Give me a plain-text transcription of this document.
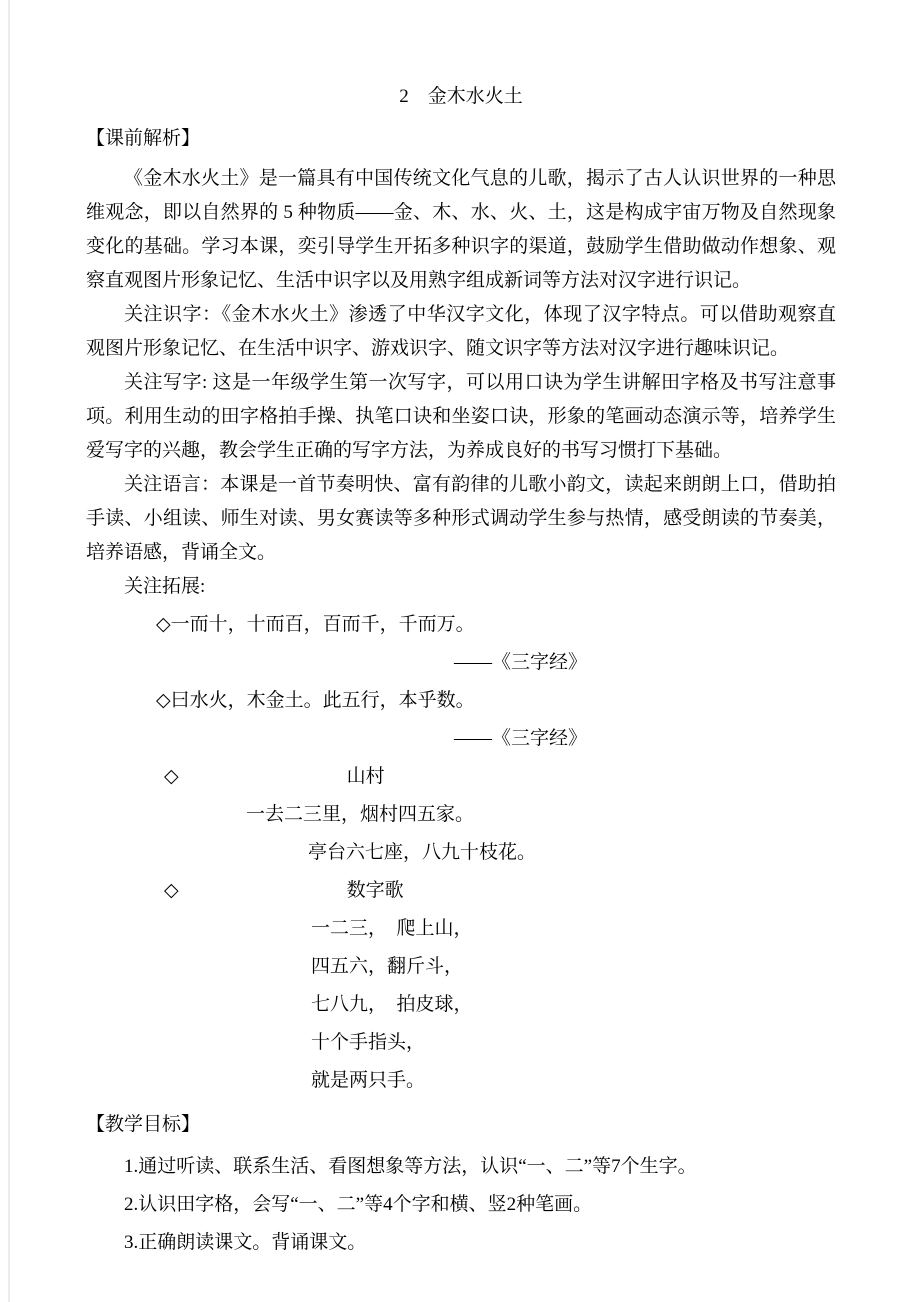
2　金木水火土
【课前解析】

《金木水火土》是一篇具有中国传统文化气息的儿歌，揭示了古人认识世界的一种思维观念，即以自然界的 5 种物质——金、木、水、火、土，这是构成宇宙万物及自然现象变化的基础。学习本课，奕引导学生开拓多种识字的渠道，鼓励学生借助做动作想象、观察直观图片形象记忆、生活中识字以及用熟字组成新词等方法对汉字进行识记。

关注识字：《金木水火土》渗透了中华汉字文化，体现了汉字特点。可以借助观察直观图片形象记忆、在生活中识字、游戏识字、随文识字等方法对汉字进行趣味识记。

关注写字: 这是一年级学生第一次写字，可以用口诀为学生讲解田字格及书写注意事项。利用生动的田字格拍手操、执笔口诀和坐姿口诀，形象的笔画动态演示等，培养学生爱写字的兴趣，教会学生正确的写字方法，为养成良好的书写习惯打下基础。

关注语言：本课是一首节奏明快、富有韵律的儿歌小韵文，读起来朗朗上口，借助拍手读、小组读、师生对读、男女赛读等多种形式调动学生参与热情，感受朗读的节奏美，培养语感，背诵全文。

关注拓展:

◇一而十，十而百，百而千，千而万。
——《三字经》
◇曰水火，木金土。此五行，本乎数。
——《三字经》
◇	山村
一去二三里，烟村四五家。
亭台六七座，八九十枝花。
◇	数字歌
一二三，　爬上山，
四五六，翻斤斗，
七八九，　拍皮球，
十个手指头，
就是两只手。
【教学目标】
1.通过听读、联系生活、看图想象等方法，认识“一、二”等7个生字。
2.认识田字格，会写“一、二”等4个字和横、竖2种笔画。
3.正确朗读课文。背诵课文。
